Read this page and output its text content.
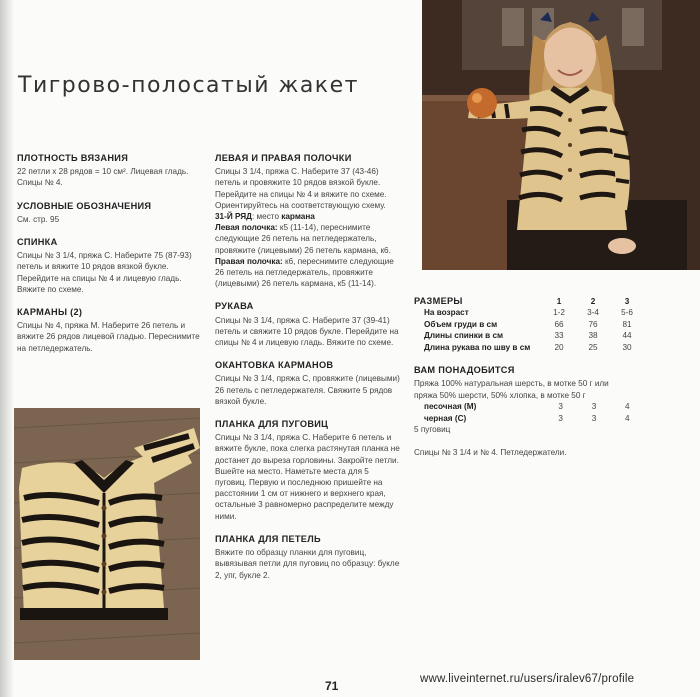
Тигрово-полосатый жакет
ПЛОТНОСТЬ ВЯЗАНИЯ

22 петли x 28 рядов = 10 см². Лицевая гладь. Спицы № 4.

УСЛОВНЫЕ ОБОЗНАЧЕНИЯ

См. стр. 95

СПИНКА

Спицы № 3 1/4, пряжа С. Наберите 75 (87-93) петель и вяжите 10 рядов вязкой буклe. Перейдите на спицы № 4 и лицевую гладь. Вяжите по схеме.

КАРМАНЫ (2)

Спицы № 4, пряжа М. Наберите 26 петель и вяжите 26 рядов лицевой гладью. Переснимите на петледержатель.

ЛЕВАЯ И ПРАВАЯ ПОЛОЧКИ

Спицы 3 1/4, пряжа С. Наберите 37 (43-46) петель и провяжите 10 рядов вязкой буклe. Перейдите на спицы № 4 и вяжите по схеме. Ориентируйтесь на соответствующую схему.

31-Й РЯД: место кармана

Левая полочка: к5 (11-14), переснимите следующие 26 петель на петледержатель, провяжите (лицевыми) 26 петель кармана, к6.

Правая полочка: к6, переснимите следующие 26 петель на петледержатель, провяжите (лицевыми) 26 петель кармана, к5 (11-14).

РУКАВА

Спицы № 3 1/4, пряжа С. Наберите 37 (39-41) петель и свяжите 10 рядов букле. Перейдите на спицы № 4 и лицевую гладь. Вяжите по схеме.

ОКАНТОВКА КАРМАНОВ

Спицы № 3 1/4, пряжа С, провяжите (лицевыми) 26 петель с петледержателя. Свяжите 5 рядов вязкой букле.

ПЛАНКА ДЛЯ ПУГОВИЦ

Спицы № 3 1/4, пряжа С. Наберите 6 петель и вяжите букле, пока слегка растянутая планка не достанет до выреза горловины. Закройте петли. Вшейте на место. Наметьте места для 5 пуговиц. Первую и последнюю пришейте на расстоянии 1 см от нижнего и верхнего края, остальные 3 равномерно распределите между ними.

ПЛАНКА ДЛЯ ПЕТЕЛЬ

Вяжите по образцу планки для пуговиц, вывязывая петли для пуговиц по образцу: букле 2, упг, букле 2.

РАЗМЕРЫ	1	2	3
На возраст	1-2	3-4	5-6
Объем груди в см	66	76	81
Длины спинки в см	33	38	44
Длина рукава по шву в см	20	25	30
ВАМ ПОНАДОБИТСЯ

Пряжа 100% натуральная шерсть, в мотке 50 г или пряжа 50% шерсти, 50% хлопка, в мотке 50 г

песочная (М)	3	3	4
черная (С)	3	3	4

5 пуговиц

Спицы № 3 1/4 и № 4. Петледержатели.

71	www.liveinternet.ru/users/iralev67/profile
